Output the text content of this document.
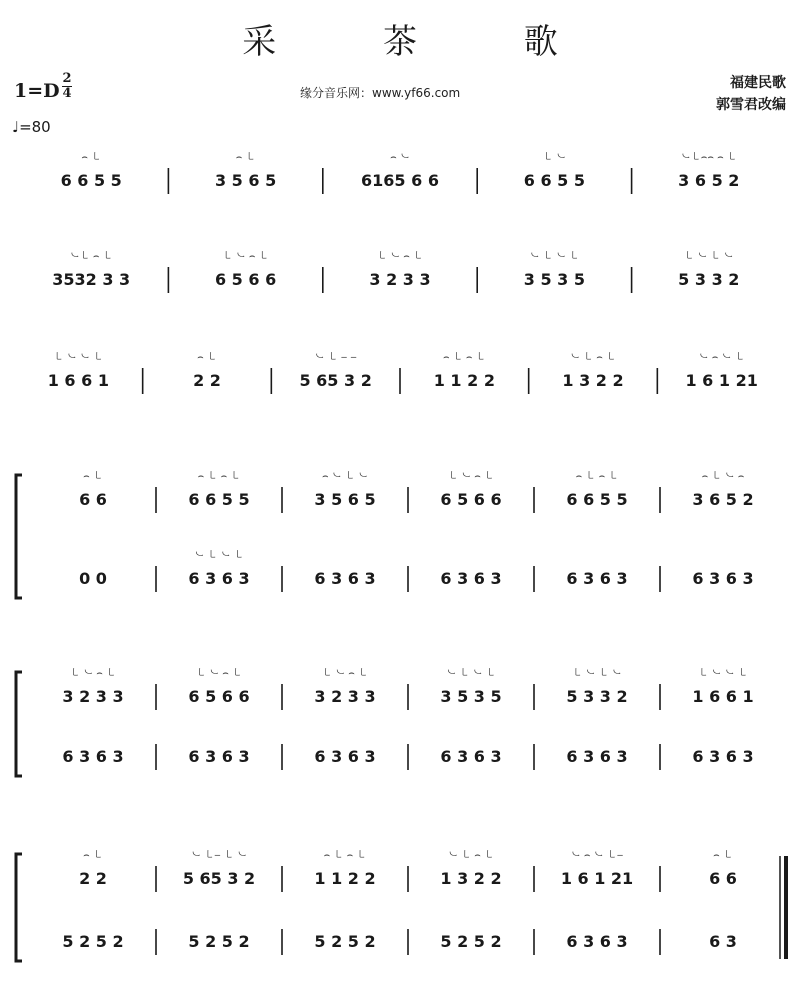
采 茶 歌
1=D
2
4
♩=80
缘分音乐网：www.yf66.com
福建民歌
郭雪君改编
6 6 5 5
⌢ ㇄
3 5 6 5
⌢ ㇄
6165 6 6
⌢ ㇃
6 6 5 5
㇄ ㇃
3 6 5 2
㇃㇄⌢⌢ ⌢ ㇄
3532 3 3
㇃㇄ ⌢ ㇄
6 5 6 6
㇄ ㇃ ⌢ ㇄
3 2 3 3
㇄ ㇃ ⌢ ㇄
3 5 3 5
㇃ ㇄ ㇃ ㇄
5 3 3 2
㇄ ㇃ ㇄ ㇃
1 6 6 1
㇄ ㇃ ㇃ ㇄
2 2
⌢ ㇄
5 65 3 2
㇃ ㇄ ‒ ‒
1 1 2 2
⌢ ㇄ ⌢ ㇄
1 3 2 2
㇃ ㇄ ⌢ ㇄
1 6 1 21
㇃ ⌢ ㇃ ㇄
6 6
⌢ ㇄
6 6 5 5
⌢ ㇄ ⌢ ㇄
3 5 6 5
⌢ ㇃ ㇄ ㇃
6 5 6 6
㇄ ㇃ ⌢ ㇄
6 6 5 5
⌢ ㇄ ⌢ ㇄
3 6 5 2
⌢ ㇄ ㇃ ⌢
0 0	6 3 6 3
㇃ ㇄ ㇃ ㇄
6 3 6 3	6 3 6 3	6 3 6 3	6 3 6 3
3 2 3 3
㇄ ㇃ ⌢ ㇄
6 5 6 6
㇄ ㇃ ⌢ ㇄
3 2 3 3
㇄ ㇃ ⌢ ㇄
3 5 3 5
㇃ ㇄ ㇃ ㇄
5 3 3 2
㇄ ㇃ ㇄ ㇃
1 6 6 1
㇄ ㇃ ㇃ ㇄
6 3 6 3	6 3 6 3	6 3 6 3	6 3 6 3	6 3 6 3	6 3 6 3
2 2
⌢ ㇄
5 65 3 2
㇃ ㇄‒ ㇄ ㇃
1 1 2 2
⌢ ㇄ ⌢ ㇄
1 3 2 2
㇃ ㇄ ⌢ ㇄
1 6 1 21
㇃ ⌢ ㇃ ㇄‒
6 6
⌢ ㇄
5 2 5 2	5 2 5 2	5 2 5 2	5 2 5 2	6 3 6 3	6 3
